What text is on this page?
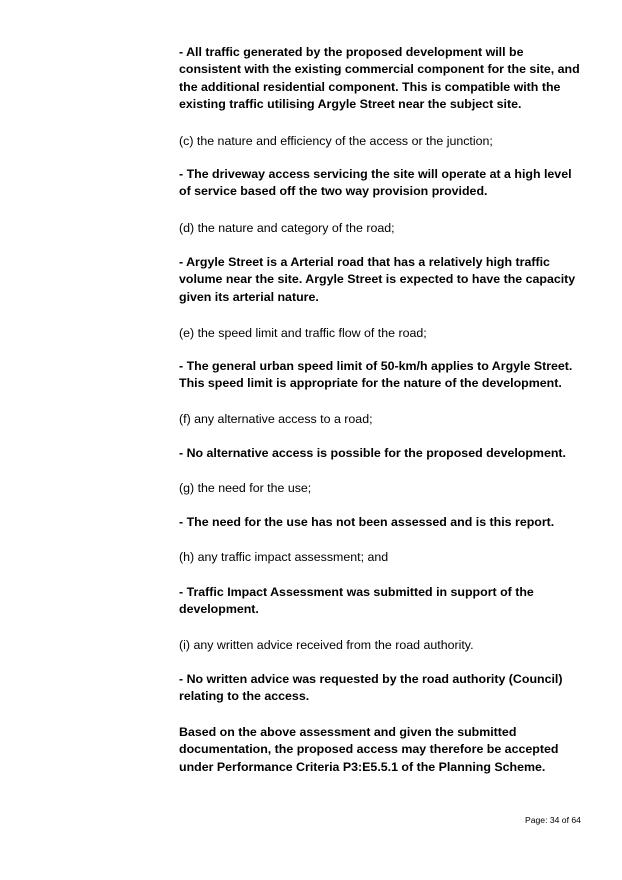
- All traffic generated by the proposed development will be consistent with the existing commercial component for the site, and the additional residential component. This is compatible with the existing traffic utilising Argyle Street near the subject site.

(c) the nature and efficiency of the access or the junction;

- The driveway access servicing the site will operate at a high level of service based off the two way provision provided.

(d) the nature and category of the road;

- Argyle Street is a Arterial road that has a relatively high traffic volume near the site. Argyle Street is expected to have the capacity given its arterial nature.

(e) the speed limit and traffic flow of the road;

- The general urban speed limit of 50-km/h applies to Argyle Street. This speed limit is appropriate for the nature of the development.

(f) any alternative access to a road;

- No alternative access is possible for the proposed development.

(g) the need for the use;

- The need for the use has not been assessed and is this report.

(h) any traffic impact assessment; and

- Traffic Impact Assessment was submitted in support of the development.

(i) any written advice received from the road authority.

- No written advice was requested by the road authority (Council) relating to the access.

Based on the above assessment and given the submitted documentation, the proposed access may therefore be accepted under Performance Criteria P3:E5.5.1 of the Planning Scheme.

Page: 34 of 64
